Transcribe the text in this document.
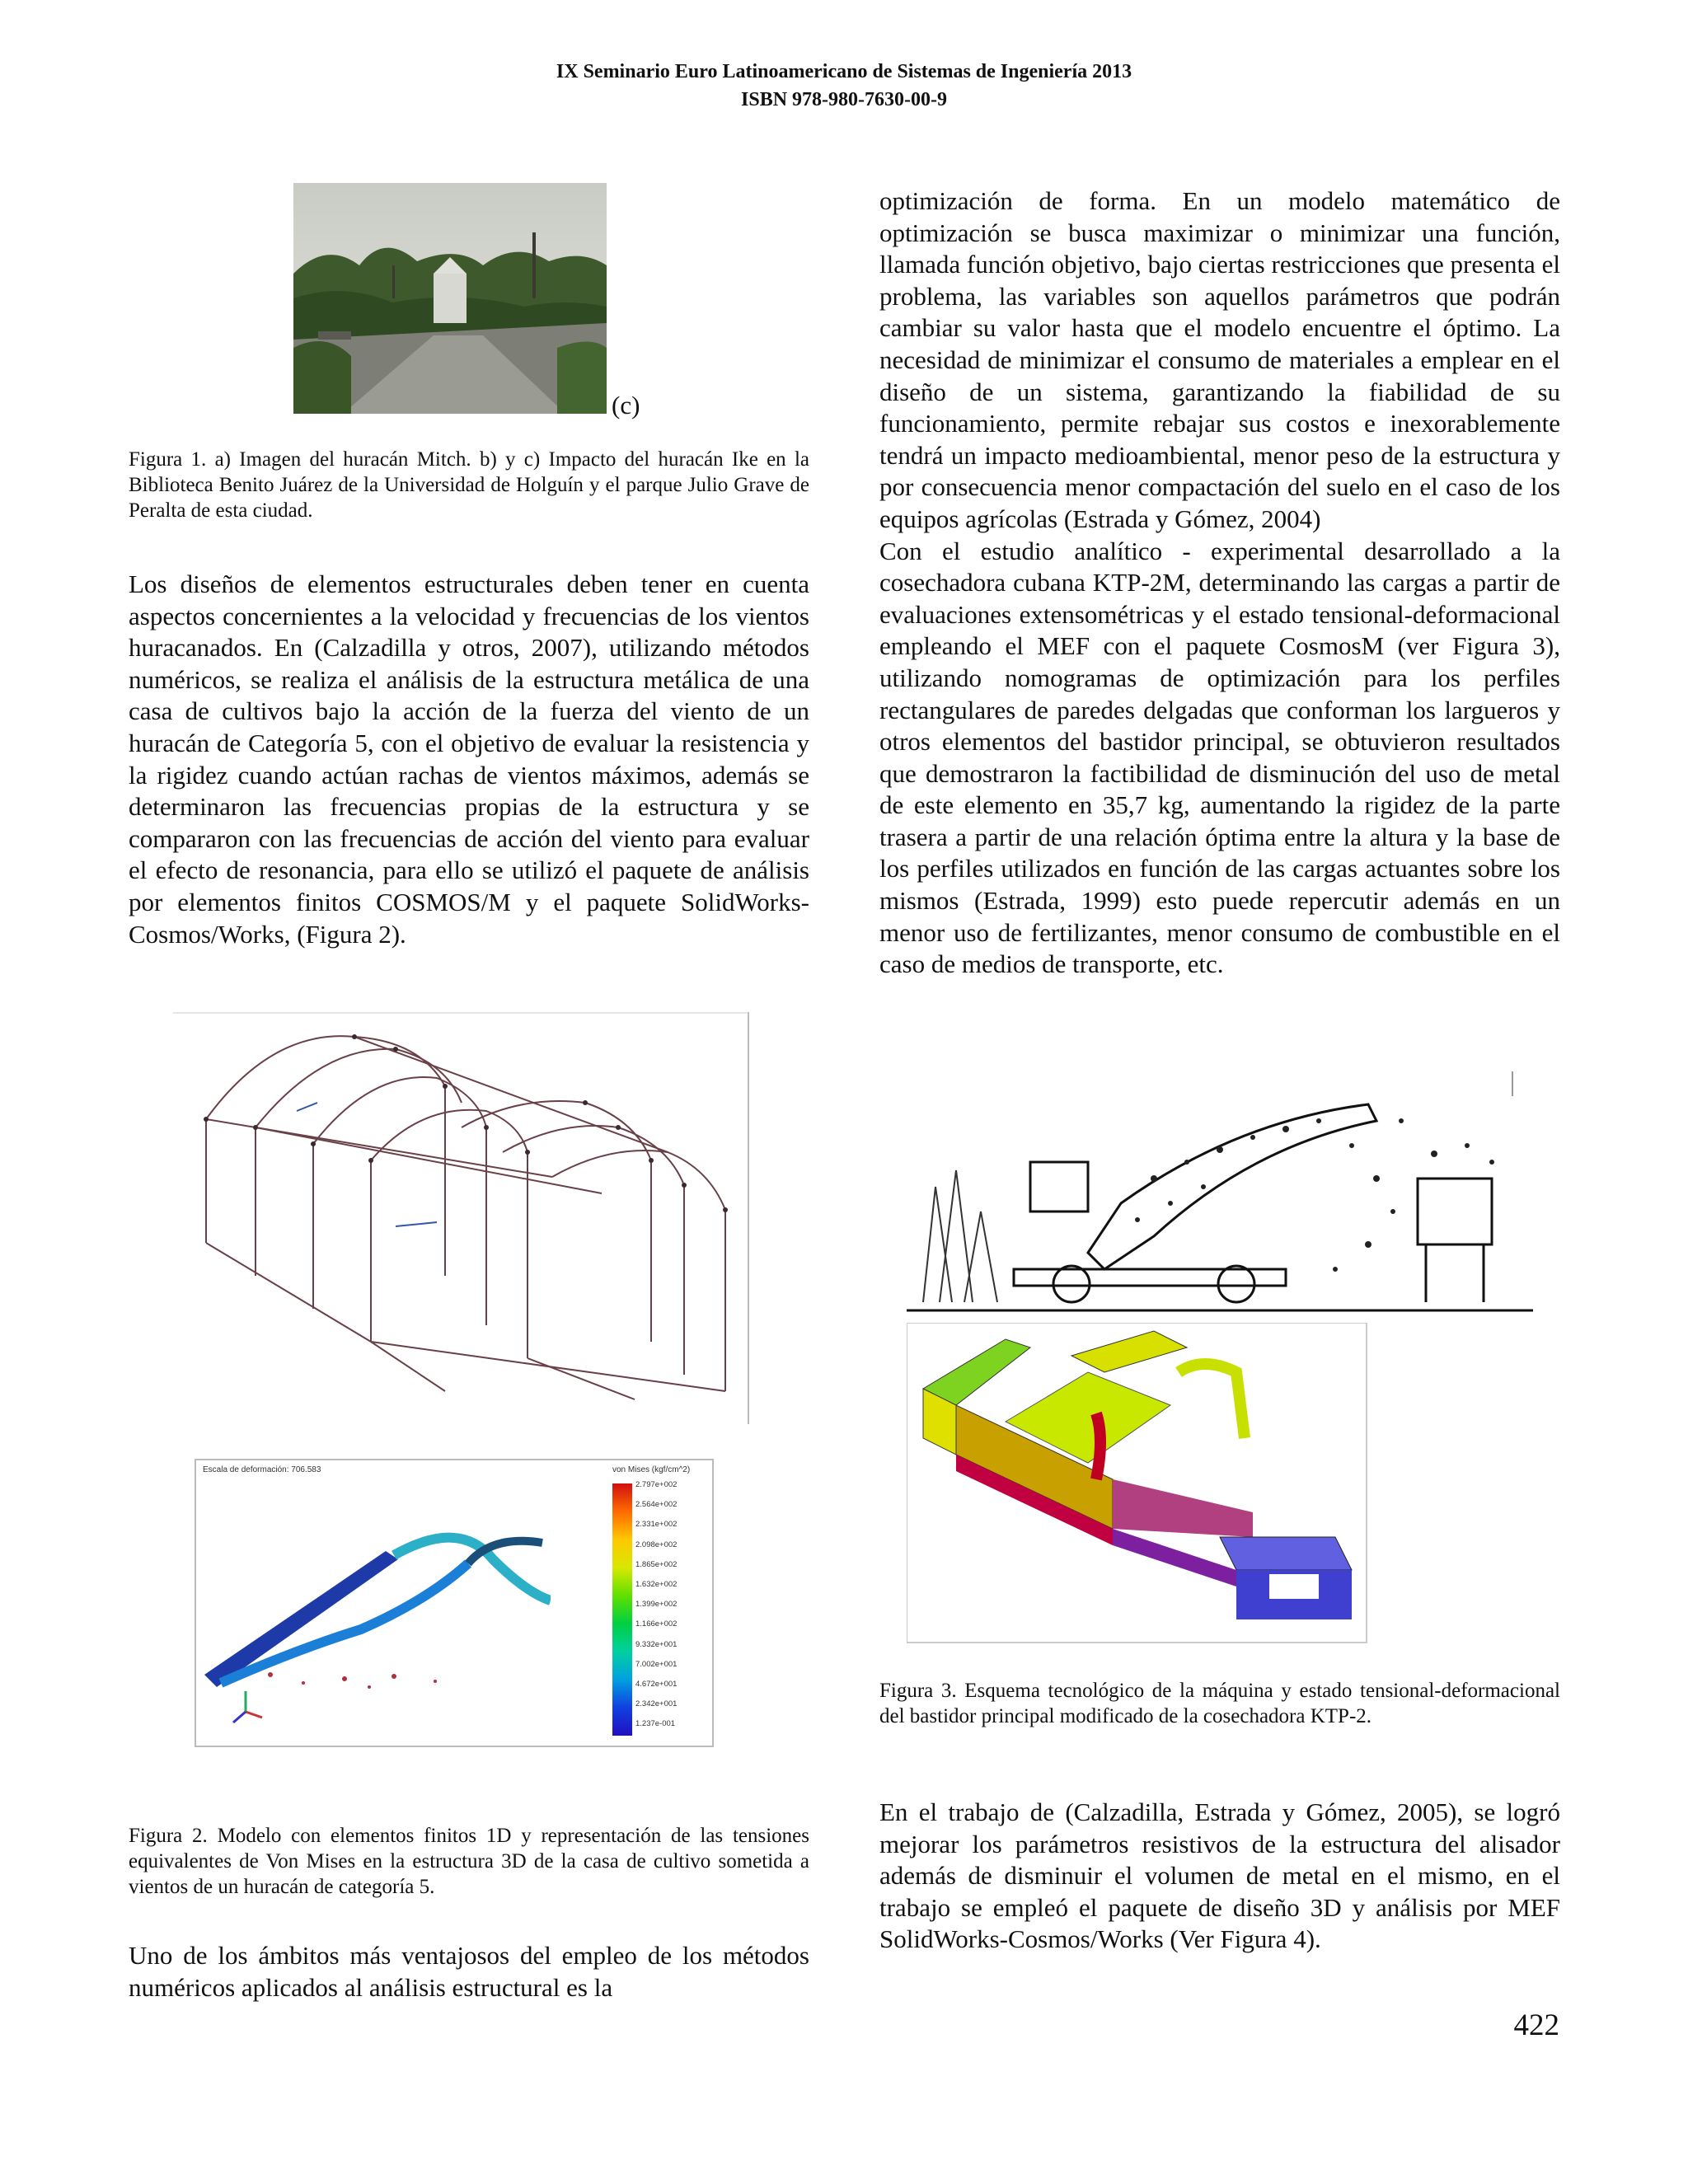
IX Seminario Euro Latinoamericano de Sistemas de Ingeniería 2013
ISBN 978-980-7630-00-9
(c)

Figura 1. a) Imagen del huracán Mitch. b) y c) Impacto del huracán Ike en la Biblioteca Benito Juárez de la Universidad de Holguín y el parque Julio Grave de Peralta de esta ciudad.

Los diseños de elementos estructurales deben tener en cuenta aspectos concernientes a la velocidad y frecuencias de los vientos huracanados. En (Calzadilla y otros, 2007), utilizando métodos numéricos, se realiza el análisis de la estructura metálica de una casa de cultivos bajo la acción de la fuerza del viento de un huracán de Categoría 5, con el objetivo de evaluar la resistencia y la rigidez cuando actúan rachas de vientos máximos, además se determinaron las frecuencias propias de la estructura y se compararon con las frecuencias de acción del viento para evaluar el efecto de resonancia, para ello se utilizó el paquete de análisis por elementos finitos COSMOS/M y el paquete SolidWorks-Cosmos/Works, (Figura 2).

Escala de deformación: 706.583	von Mises (kgf/cm^2)
2.797e+002
2.564e+002
2.331e+002
2.098e+002
1.865e+002
1.632e+002
1.399e+002
1.166e+002
9.332e+001
7.002e+001
4.672e+001
2.342e+001
1.237e-001

Figura 2. Modelo con elementos finitos 1D y representación de las tensiones equivalentes de Von Mises en la estructura 3D de la casa de cultivo sometida a vientos de un huracán de categoría 5.

Uno de los ámbitos más ventajosos del empleo de los métodos numéricos aplicados al análisis estructural es la

optimización de forma. En un modelo matemático de optimización se busca maximizar o minimizar una función, llamada función objetivo, bajo ciertas restricciones que presenta el problema, las variables son aquellos parámetros que podrán cambiar su valor hasta que el modelo encuentre el óptimo. La necesidad de minimizar el consumo de materiales a emplear en el diseño de un sistema, garantizando la fiabilidad de su funcionamiento, permite rebajar sus costos e inexorablemente tendrá un impacto medioambiental, menor peso de la estructura y por consecuencia menor compactación del suelo en el caso de los equipos agrícolas (Estrada y Gómez, 2004)

Con el estudio analítico - experimental desarrollado a la cosechadora cubana KTP-2M, determinando las cargas a partir de evaluaciones extensométricas y el estado tensional-deformacional empleando el MEF con el paquete CosmosM (ver Figura 3), utilizando nomogramas de optimización para los perfiles rectangulares de paredes delgadas que conforman los largueros y otros elementos del bastidor principal, se obtuvieron resultados que demostraron la factibilidad de disminución del uso de metal de este elemento en 35,7 kg, aumentando la rigidez de la parte trasera a partir de una relación óptima entre la altura y la base de los perfiles utilizados en función de las cargas actuantes sobre los mismos (Estrada, 1999) esto puede repercutir además en un menor uso de fertilizantes, menor consumo de combustible en el caso de medios de transporte, etc.

Figura 3. Esquema tecnológico de la máquina y estado tensional-deformacional del bastidor principal modificado de la cosechadora KTP-2.

En el trabajo de (Calzadilla, Estrada y Gómez, 2005), se logró mejorar los parámetros resistivos de la estructura del alisador además de disminuir el volumen de metal en el mismo, en el trabajo se empleó el paquete de diseño 3D y análisis por MEF SolidWorks-Cosmos/Works (Ver Figura 4).

422
